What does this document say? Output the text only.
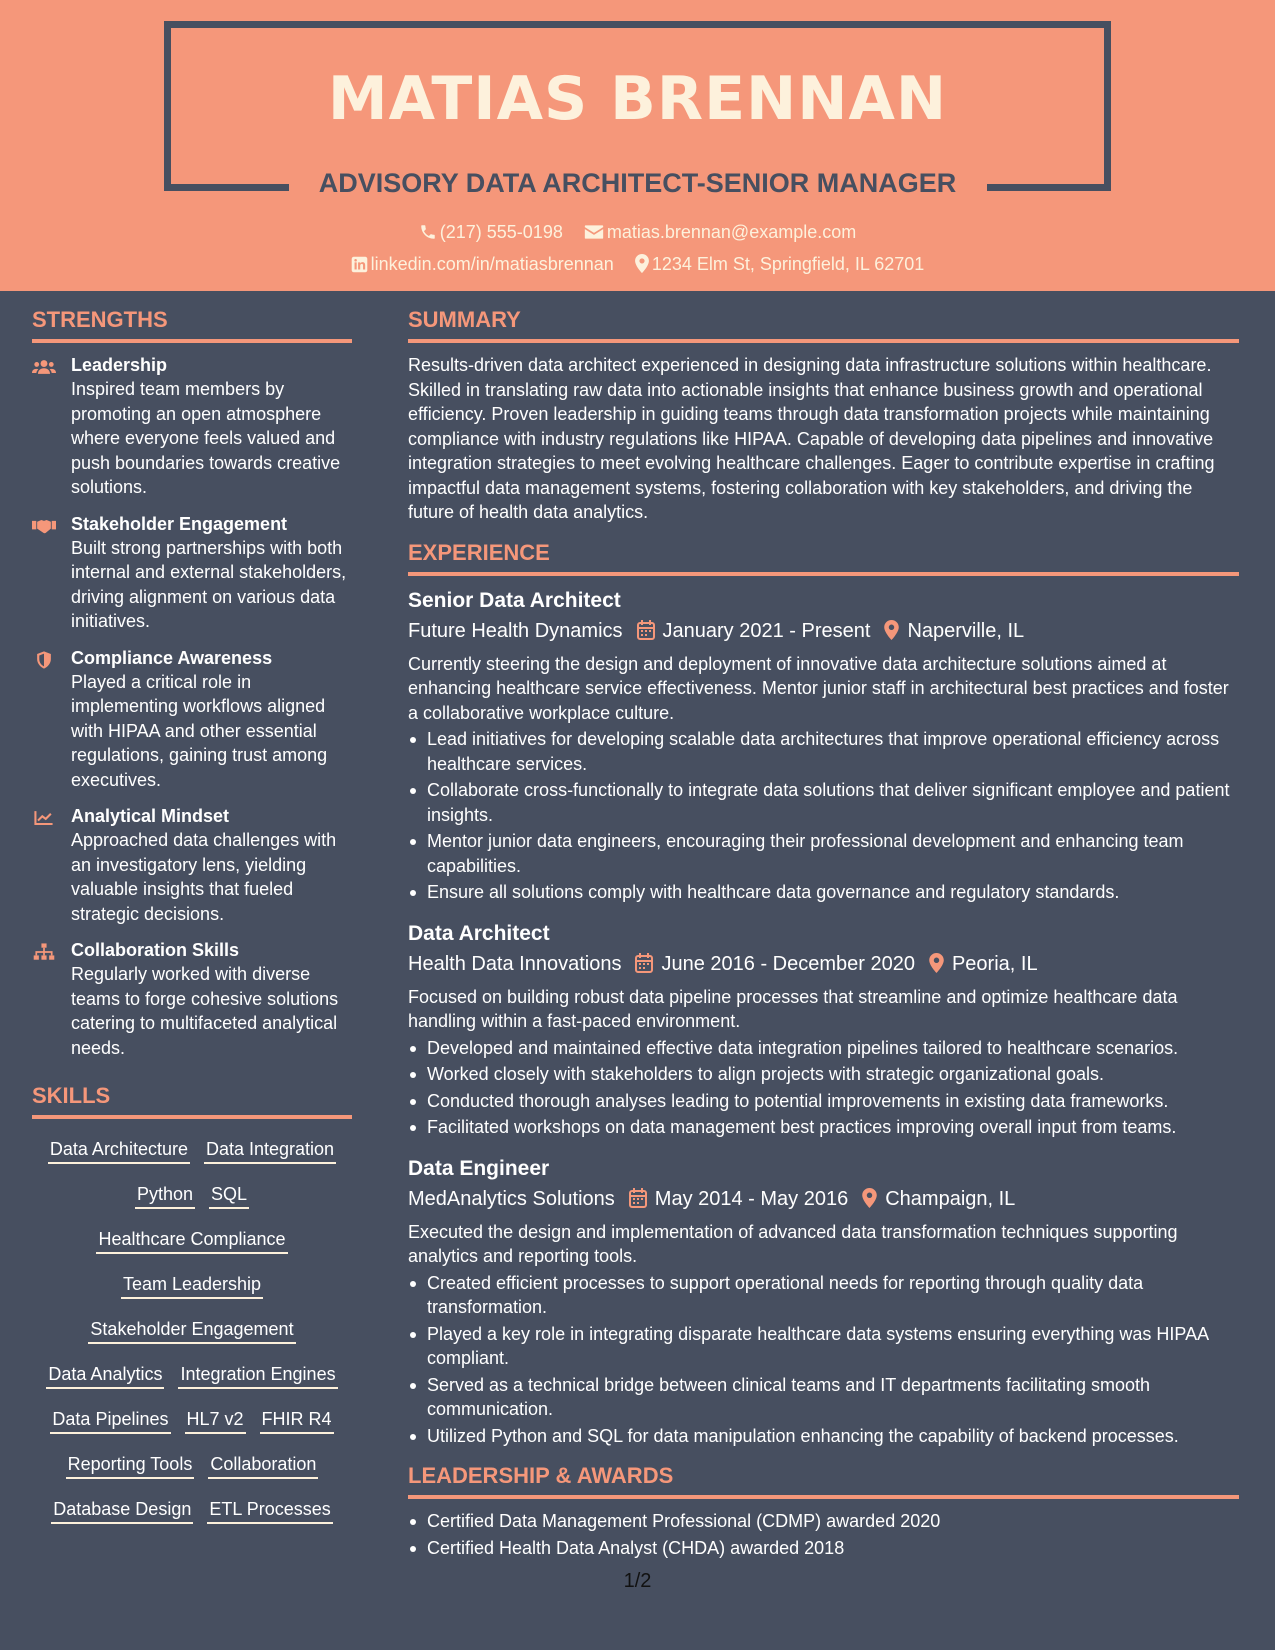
MATIAS BRENNAN
ADVISORY DATA ARCHITECT-SENIOR MANAGER
(217) 555-0198 matias.brennan@example.com
linkedin.com/in/matiasbrennan 1234 Elm St, Springfield, IL 62701
STRENGTHS
Leadership
Inspired team members by promoting an open atmosphere where everyone feels valued and push boundaries towards creative solutions.
Stakeholder Engagement
Built strong partnerships with both internal and external stakeholders, driving alignment on various data initiatives.
Compliance Awareness
Played a critical role in implementing workflows aligned with HIPAA and other essential regulations, gaining trust among executives.
Analytical Mindset
Approached data challenges with an investigatory lens, yielding valuable insights that fueled strategic decisions.
Collaboration Skills
Regularly worked with diverse teams to forge cohesive solutions catering to multifaceted analytical needs.
SKILLS
Data Architecture Data Integration
Python SQL
Healthcare Compliance
Team Leadership
Stakeholder Engagement
Data Analytics Integration Engines
Data Pipelines HL7 v2 FHIR R4
Reporting Tools Collaboration
Database Design ETL Processes
SUMMARY
Results-driven data architect experienced in designing data infrastructure solutions within healthcare. Skilled in translating raw data into actionable insights that enhance business growth and operational efficiency. Proven leadership in guiding teams through data transformation projects while maintaining compliance with industry regulations like HIPAA. Capable of developing data pipelines and innovative integration strategies to meet evolving healthcare challenges. Eager to contribute expertise in crafting impactful data management systems, fostering collaboration with key stakeholders, and driving the future of health data analytics.
EXPERIENCE
Senior Data Architect
Future Health Dynamics January 2021 - Present Naperville, IL
Currently steering the design and deployment of innovative data architecture solutions aimed at enhancing healthcare service effectiveness. Mentor junior staff in architectural best practices and foster a collaborative workplace culture.
Lead initiatives for developing scalable data architectures that improve operational efficiency across healthcare services.
Collaborate cross-functionally to integrate data solutions that deliver significant employee and patient insights.
Mentor junior data engineers, encouraging their professional development and enhancing team capabilities.
Ensure all solutions comply with healthcare data governance and regulatory standards.
Data Architect
Health Data Innovations June 2016 - December 2020 Peoria, IL
Focused on building robust data pipeline processes that streamline and optimize healthcare data handling within a fast-paced environment.
Developed and maintained effective data integration pipelines tailored to healthcare scenarios.
Worked closely with stakeholders to align projects with strategic organizational goals.
Conducted thorough analyses leading to potential improvements in existing data frameworks.
Facilitated workshops on data management best practices improving overall input from teams.
Data Engineer
MedAnalytics Solutions May 2014 - May 2016 Champaign, IL
Executed the design and implementation of advanced data transformation techniques supporting analytics and reporting tools.
Created efficient processes to support operational needs for reporting through quality data transformation.
Played a key role in integrating disparate healthcare data systems ensuring everything was HIPAA compliant.
Served as a technical bridge between clinical teams and IT departments facilitating smooth communication.
Utilized Python and SQL for data manipulation enhancing the capability of backend processes.
LEADERSHIP & AWARDS
Certified Data Management Professional (CDMP) awarded 2020
Certified Health Data Analyst (CHDA) awarded 2018
1/2
